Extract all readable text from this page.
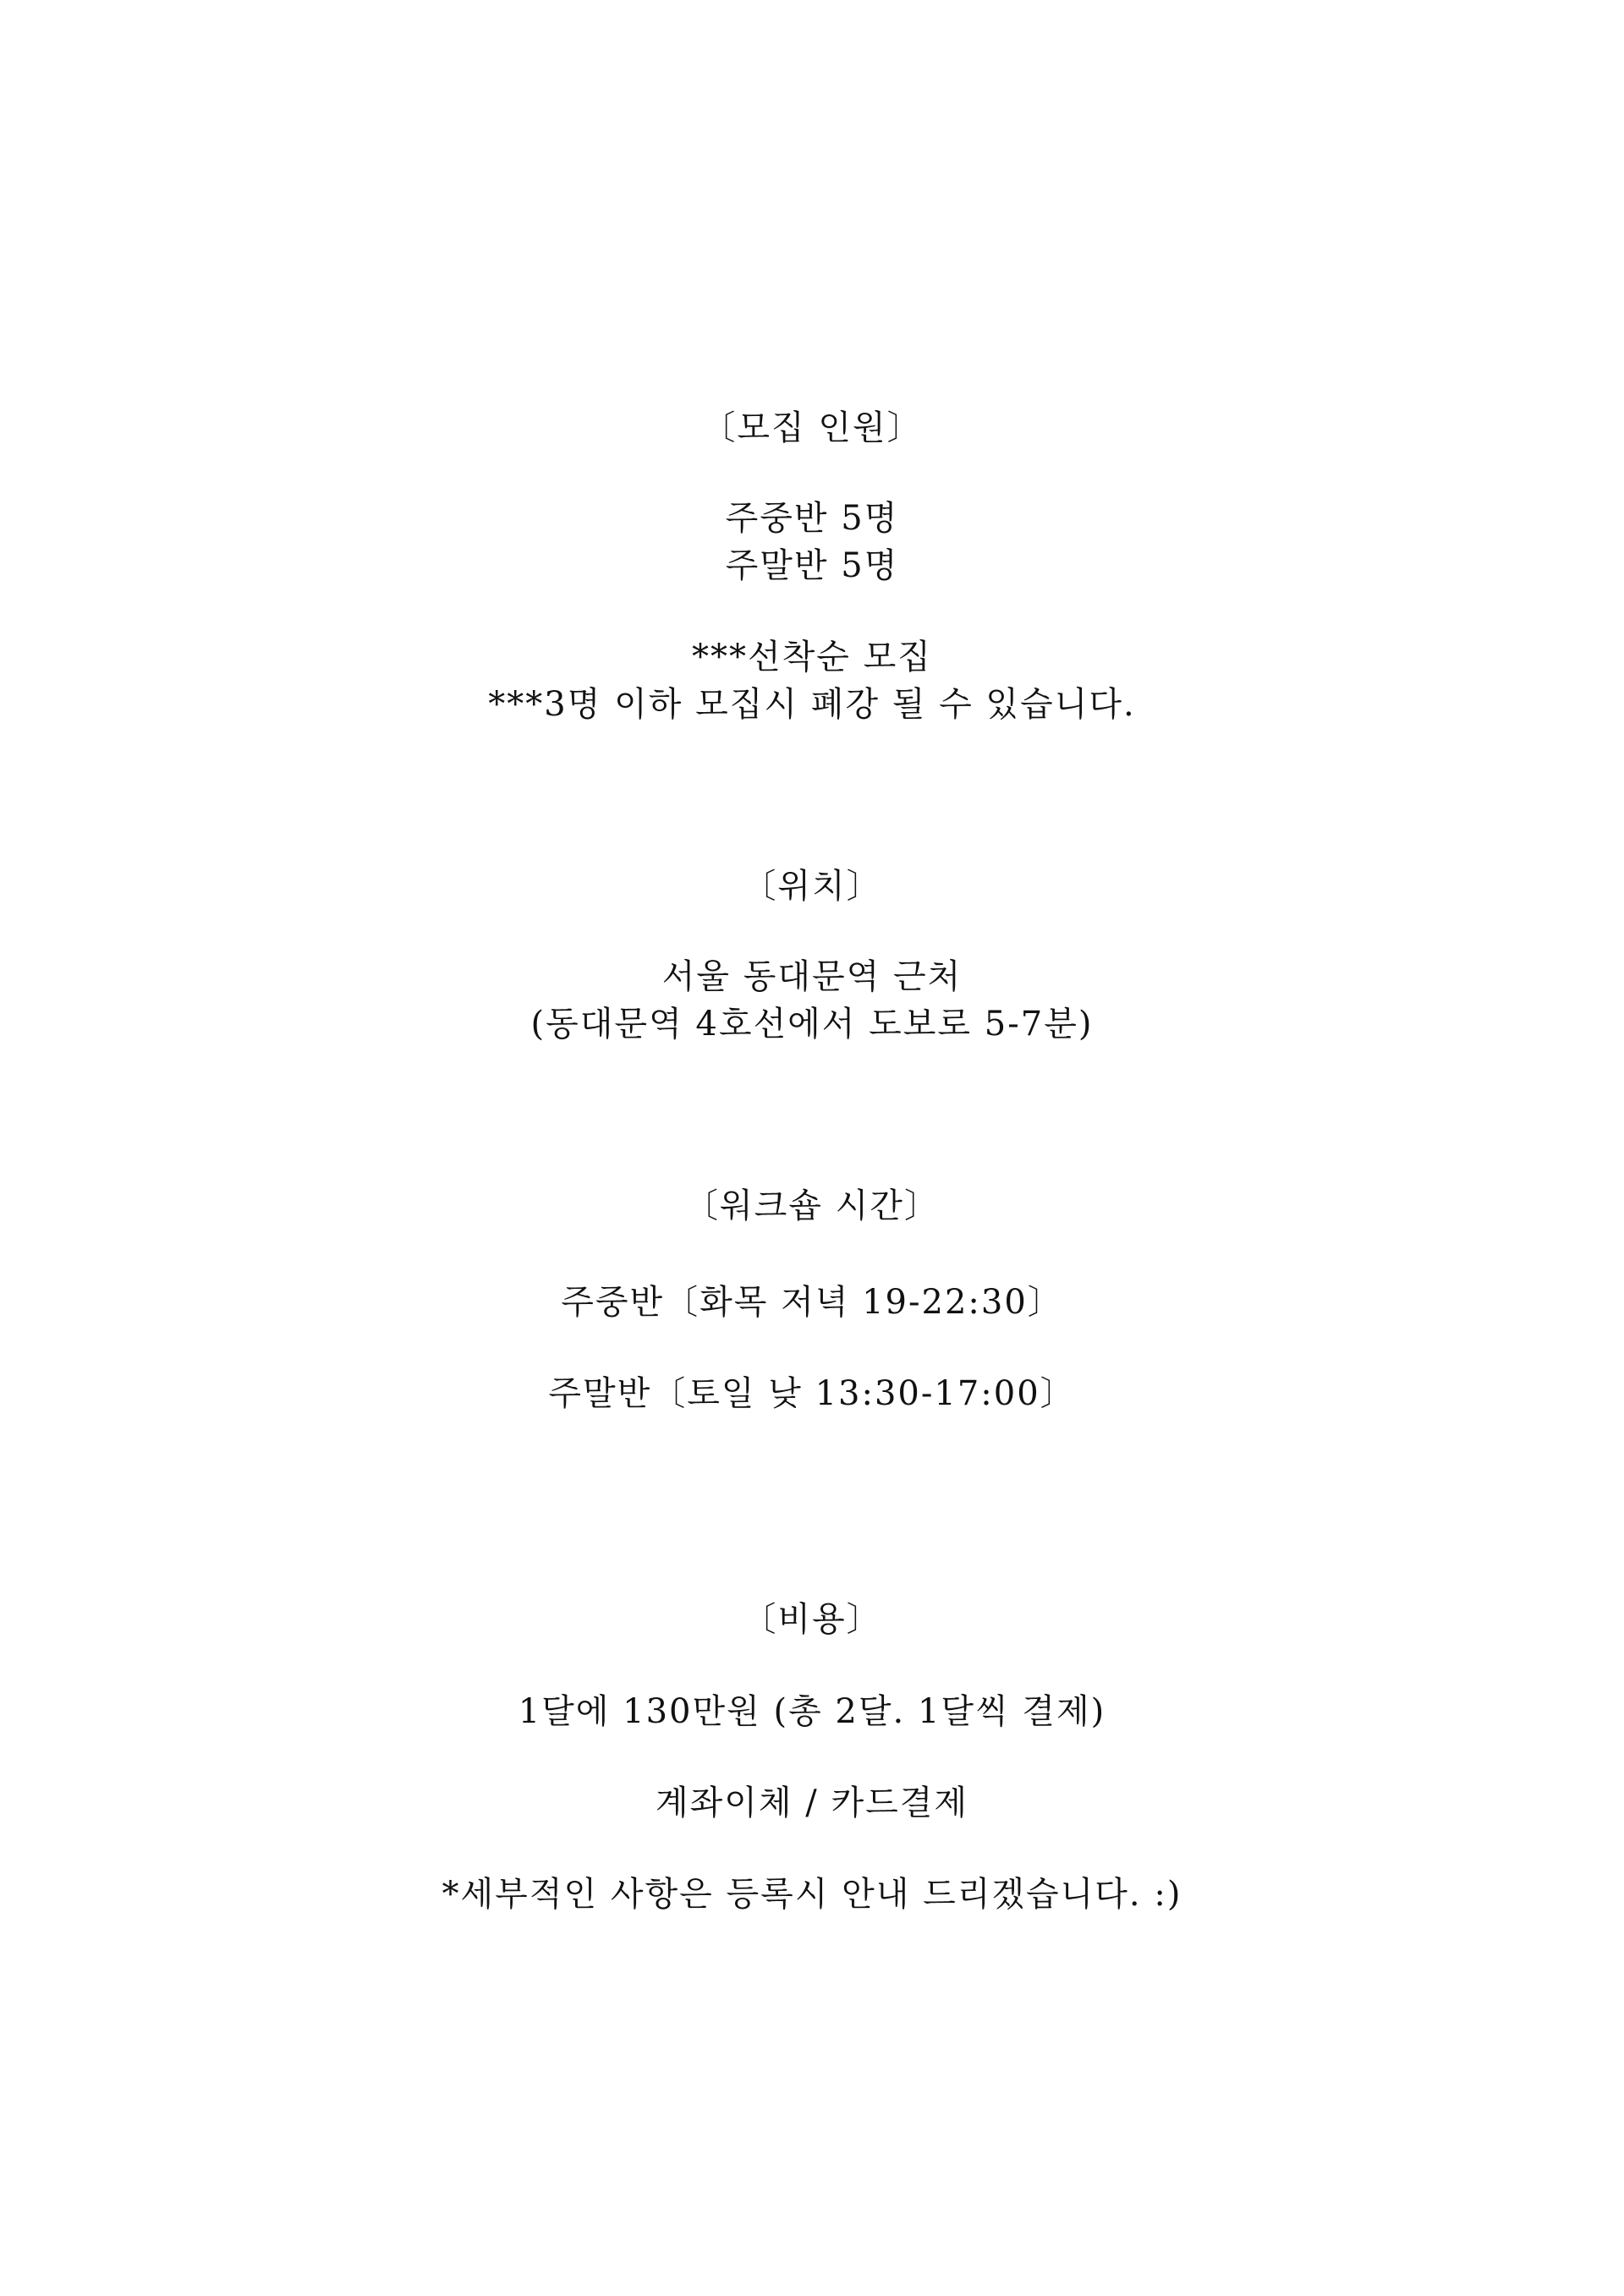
〔모집 인원〕
주중반 5명
주말반 5명
***선착순 모집
***3명 이하 모집시 폐강 될 수 있습니다.
〔위치〕
서울 동대문역 근처
(동대문역 4호선에서 도보로 5-7분)
〔워크숍 시간〕
주중반〔화목 저녁 19-22:30〕
주말반〔토일 낮 13:30-17:00〕
〔비용〕
1달에 130만원 (총 2달. 1달씩 결제)
계좌이체 / 카드결제
*세부적인 사항은 등록시 안내 드리겠습니다. :)
